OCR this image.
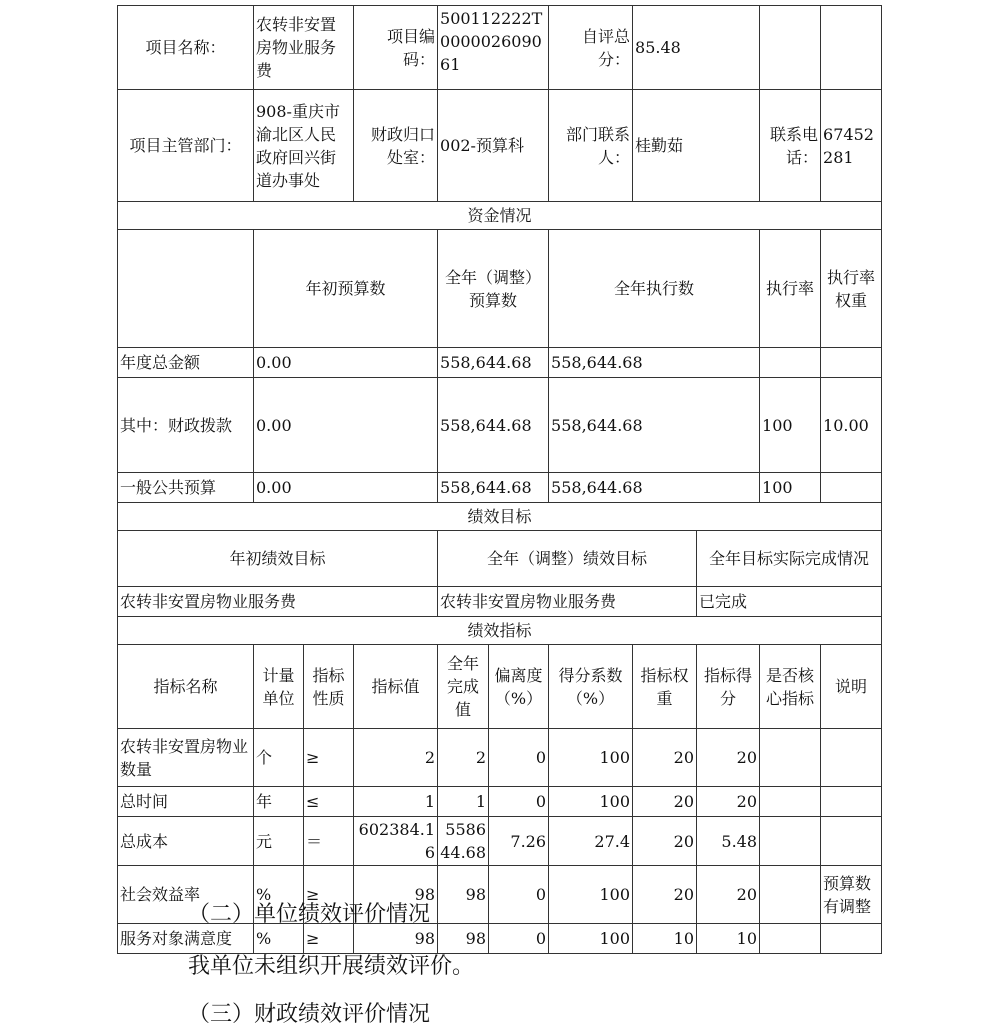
项目名称：	农转非安置房物业服务费		项目编码：	500112222T000002609061		自评总分：	85.48				
项目主管部门：	908-重庆市渝北区人民政府回兴街道办事处		财政归口处室：	002-预算科		部门联系人：	桂勤茹		联系电话：	67452281	
资金情况											
	年初预算数			全年（调整）预算数		全年执行数			执行率	执行率权重	
年度总金额	0.00			558,644.68		558,644.68					
其中：财政拨款	0.00			558,644.68		558,644.68			100	10.00	
一般公共预算	0.00			558,644.68		558,644.68			100		
绩效目标											
年初绩效目标				全年（调整）绩效目标				全年目标实际完成情况			
农转非安置房物业服务费				农转非安置房物业服务费				已完成			
绩效指标											
指标名称	计量单位	指标性质	指标值	全年完成值	偏离度（%）	得分系数（%）	指标权重	指标得分	是否核心指标	说明	
农转非安置房物业数量	个	≥	2	2	0	100	20	20			
总时间	年	≤	1	1	0	100	20	20			
总成本	元	＝	602384.16	558644.68	7.26	27.4	20	5.48			
社会效益率	%	≥	98	98	0	100	20	20		预算数有调整	
服务对象满意度	%	≥	98	98	0	100	10	10			
（二）单位绩效评价情况
我单位未组织开展绩效评价。
（三）财政绩效评价情况
